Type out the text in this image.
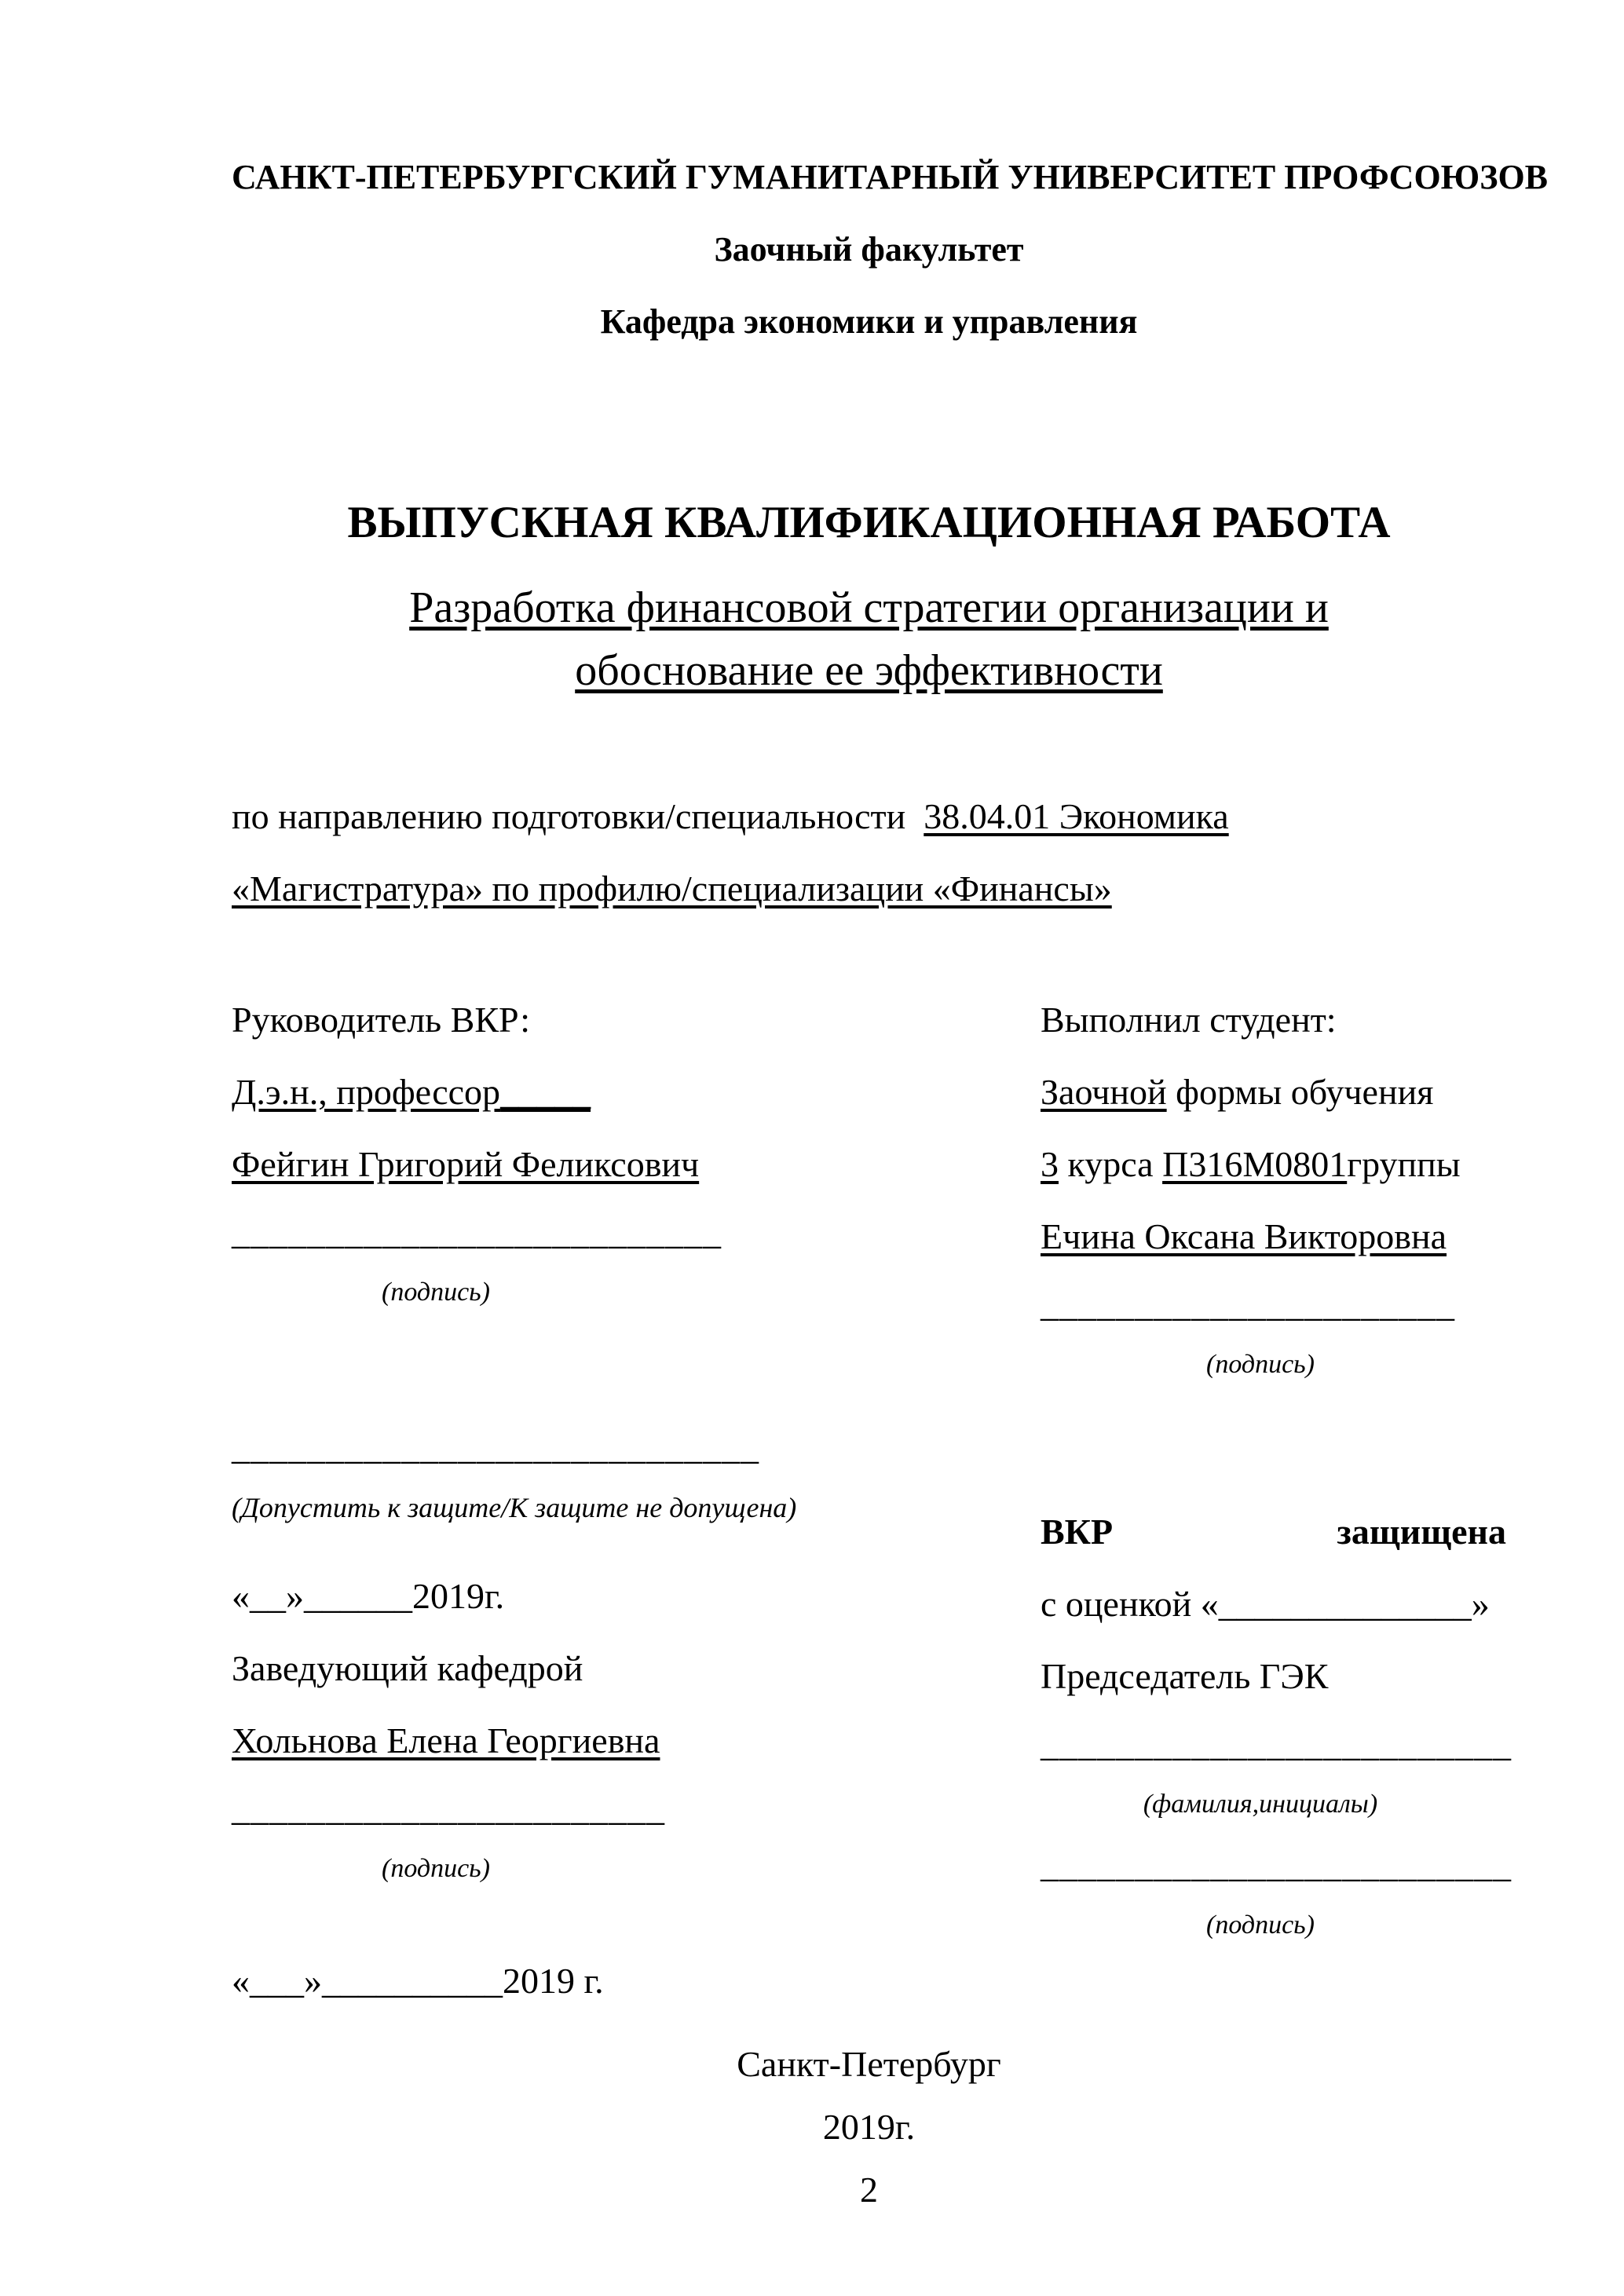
САНКТ-ПЕТЕРБУРГСКИЙ ГУМАНИТАРНЫЙ УНИВЕРСИТЕТ ПРОФСОЮЗОВ
Заочный факультет
Кафедра экономики и управления
ВЫПУСКНАЯ КВАЛИФИКАЦИОННАЯ РАБОТА
Разработка финансовой стратегии организации и
обоснование ее эффективности
по направлению подготовки/специальности 38.04.01 Экономика
«Магистратура» по профилю/специализации «Финансы»
Руководитель ВКР:
Д.э.н., профессор_____
Фейгин Григорий Феликсович
__________________________
(подпись)
____________________________
(Допустить к защите/К защите не допущена)
«__»______2019г.
Заведующий кафедрой
Хольнова Елена Георгиевна
_______________________
(подпись)
«___»__________2019 г.
Выполнил студент:
Заочной формы обучения
3 курса П316М0801группы
Ечина Оксана Викторовна
______________________
(подпись)
ВКР	защищена
с оценкой «______________»
Председатель ГЭК
_________________________
(фамилия,инициалы)
_________________________
(подпись)
Санкт-Петербург
2019г.
2
